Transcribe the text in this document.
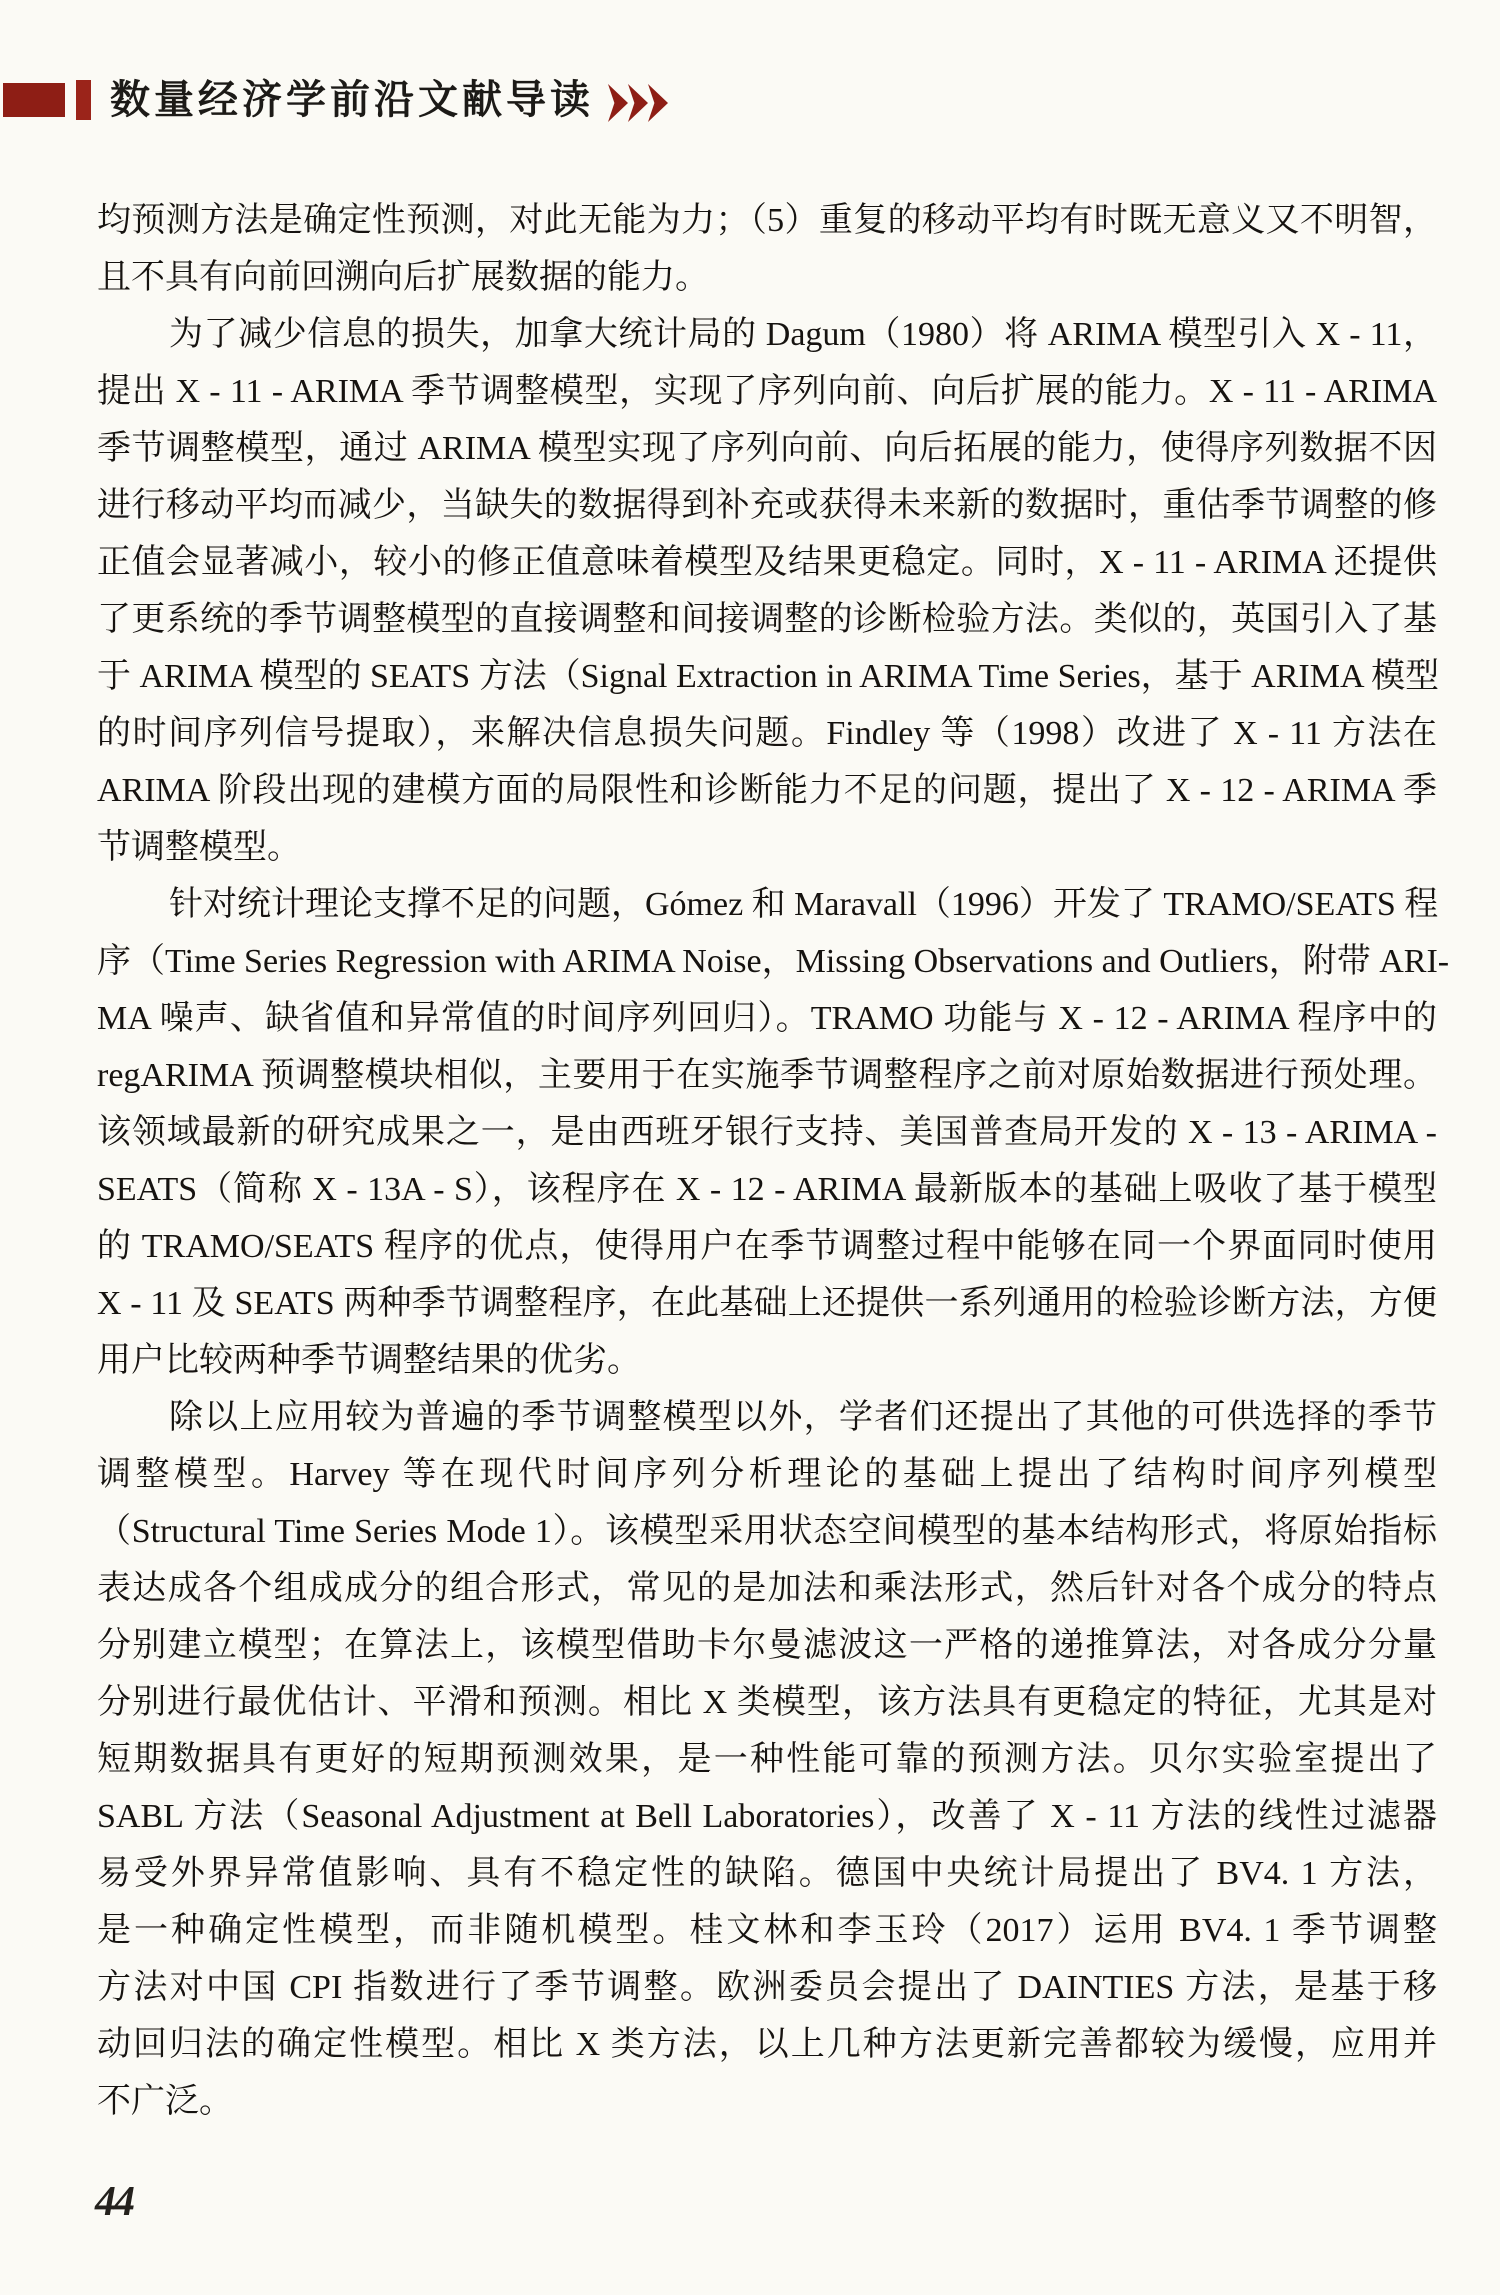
数量经济学前沿文献导读
均预测方法是确定性预测，对此无能为力；（5）重复的移动平均有时既无意义又不明智，
且不具有向前回溯向后扩展数据的能力。
为了减少信息的损失，加拿大统计局的 Dagum（1980）将 ARIMA 模型引入 X - 11，
提出 X - 11 - ARIMA 季节调整模型，实现了序列向前、向后扩展的能力。X - 11 - ARIMA
季节调整模型，通过 ARIMA 模型实现了序列向前、向后拓展的能力，使得序列数据不因
进行移动平均而减少，当缺失的数据得到补充或获得未来新的数据时，重估季节调整的修
正值会显著减小，较小的修正值意味着模型及结果更稳定。同时，X - 11 - ARIMA 还提供
了更系统的季节调整模型的直接调整和间接调整的诊断检验方法。类似的，英国引入了基
于 ARIMA 模型的 SEATS 方法（Signal Extraction in ARIMA Time Series，基于 ARIMA 模型
的时间序列信号提取），来解决信息损失问题。Findley 等（1998）改进了 X - 11 方法在
ARIMA 阶段出现的建模方面的局限性和诊断能力不足的问题，提出了 X - 12 - ARIMA 季
节调整模型。
针对统计理论支撑不足的问题，Gómez 和 Maravall（1996）开发了 TRAMO/SEATS 程
序（Time Series Regression with ARIMA Noise，Missing Observations and Outliers，附带 ARI-
MA 噪声、缺省值和异常值的时间序列回归）。TRAMO 功能与 X - 12 - ARIMA 程序中的
regARIMA 预调整模块相似，主要用于在实施季节调整程序之前对原始数据进行预处理。
该领域最新的研究成果之一，是由西班牙银行支持、美国普查局开发的 X - 13 - ARIMA -
SEATS（简称 X - 13A - S），该程序在 X - 12 - ARIMA 最新版本的基础上吸收了基于模型
的 TRAMO/SEATS 程序的优点，使得用户在季节调整过程中能够在同一个界面同时使用
X - 11 及 SEATS 两种季节调整程序，在此基础上还提供一系列通用的检验诊断方法，方便
用户比较两种季节调整结果的优劣。
除以上应用较为普遍的季节调整模型以外，学者们还提出了其他的可供选择的季节
调整模型。Harvey 等在现代时间序列分析理论的基础上提出了结构时间序列模型
（Structural Time Series Mode 1）。该模型采用状态空间模型的基本结构形式，将原始指标
表达成各个组成成分的组合形式，常见的是加法和乘法形式，然后针对各个成分的特点
分别建立模型；在算法上，该模型借助卡尔曼滤波这一严格的递推算法，对各成分分量
分别进行最优估计、平滑和预测。相比 X 类模型，该方法具有更稳定的特征，尤其是对
短期数据具有更好的短期预测效果，是一种性能可靠的预测方法。贝尔实验室提出了
SABL 方法（Seasonal Adjustment at Bell Laboratories），改善了 X - 11 方法的线性过滤器
易受外界异常值影响、具有不稳定性的缺陷。德国中央统计局提出了 BV4. 1 方法，
是一种确定性模型，而非随机模型。桂文林和李玉玲（2017）运用 BV4. 1 季节调整
方法对中国 CPI 指数进行了季节调整。欧洲委员会提出了 DAINTIES 方法，是基于移
动回归法的确定性模型。相比 X 类方法，以上几种方法更新完善都较为缓慢，应用并
不广泛。
44
